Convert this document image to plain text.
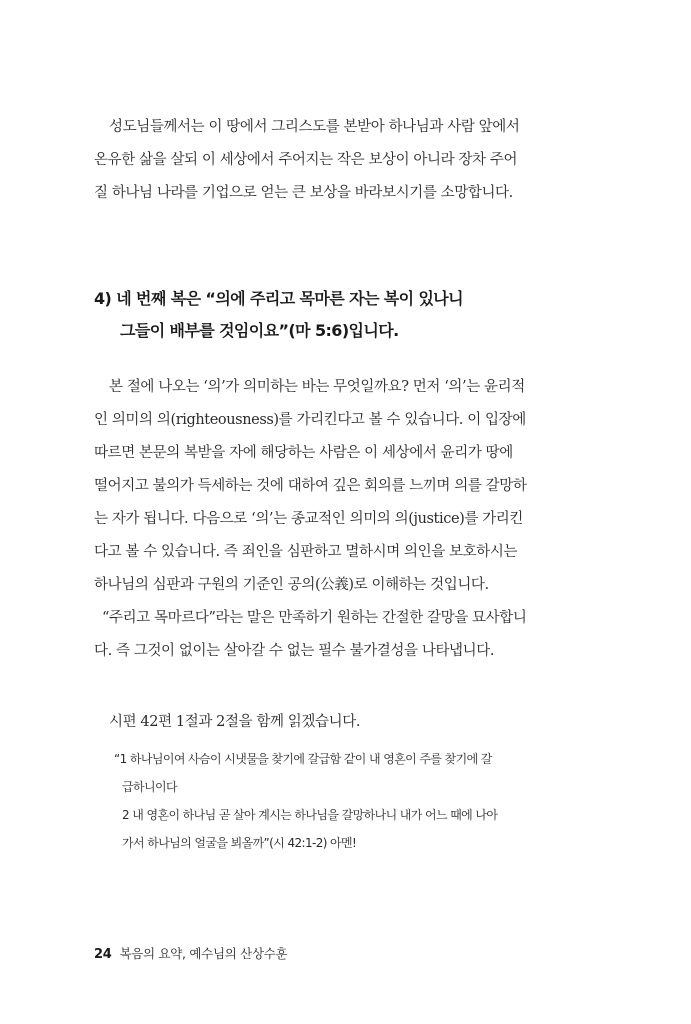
성도님들께서는 이 땅에서 그리스도를 본받아 하나님과 사람 앞에서
온유한 삶을 살되 이 세상에서 주어지는 작은 보상이 아니라 장차 주어
질 하나님 나라를 기업으로 얻는 큰 보상을 바라보시기를 소망합니다.
4) 네 번째 복은 “의에 주리고 목마른 자는 복이 있나니
그들이 배부를 것임이요”(마 5:6)입니다.
본 절에 나오는 ‘의’가 의미하는 바는 무엇일까요? 먼저 ‘의’는 윤리적
인 의미의 의(righteousness)를 가리킨다고 볼 수 있습니다. 이 입장에
따르면 본문의 복받을 자에 해당하는 사람은 이 세상에서 윤리가 땅에
떨어지고 불의가 득세하는 것에 대하여 깊은 회의를 느끼며 의를 갈망하
는 자가 됩니다. 다음으로 ‘의’는 종교적인 의미의 의(justice)를 가리킨
다고 볼 수 있습니다. 즉 죄인을 심판하고 멸하시며 의인을 보호하시는
하나님의 심판과 구원의 기준인 공의(公義)로 이해하는 것입니다.
“주리고 목마르다”라는 말은 만족하기 원하는 간절한 갈망을 묘사합니
다. 즉 그것이 없이는 살아갈 수 없는 필수 불가결성을 나타냅니다.
시편 42편 1절과 2절을 함께 읽겠습니다.
“1 하나님이여 사슴이 시냇물을 찾기에 갈급함 같이 내 영혼이 주를 찾기에 갈
급하니이다
2 내 영혼이 하나님 곧 살아 계시는 하나님을 갈망하나니 내가 어느 때에 나아
가서 하나님의 얼굴을 뵈올까”(시 42:1-2) 아멘!
24 복음의 요약, 예수님의 산상수훈
